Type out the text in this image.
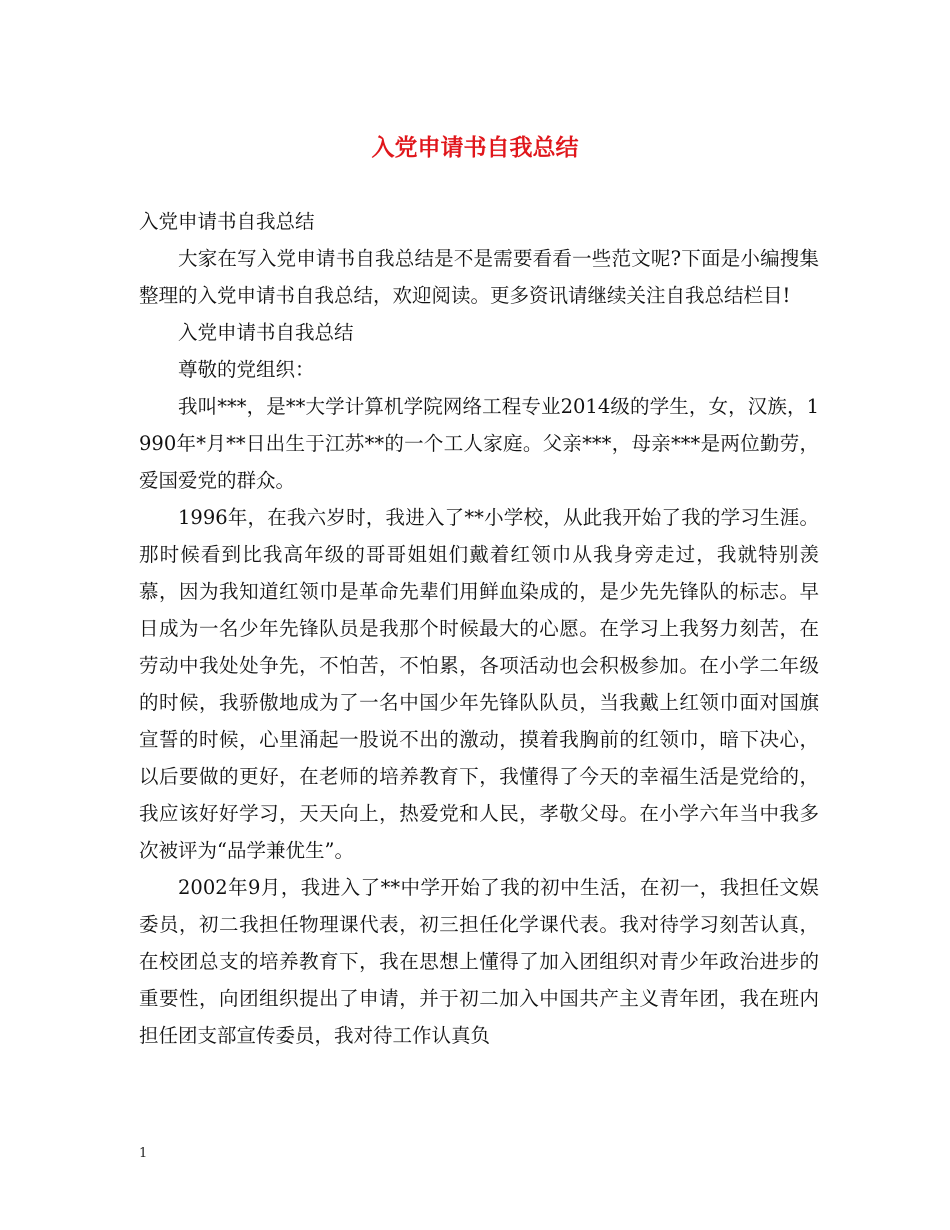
入党申请书自我总结

入党申请书自我总结

大家在写入党申请书自我总结是不是需要看看一些范文呢?下面是小编搜集整理的入党申请书自我总结，欢迎阅读。更多资讯请继续关注自我总结栏目!

入党申请书自我总结

尊敬的党组织：

我叫***，是**大学计算机学院网络工程专业2014级的学生，女，汉族，1990年*月**日出生于江苏**的一个工人家庭。父亲***，母亲***是两位勤劳，爱国爱党的群众。

1996年，在我六岁时，我进入了**小学校，从此我开始了我的学习生涯。那时候看到比我高年级的哥哥姐姐们戴着红领巾从我身旁走过，我就特别羡慕，因为我知道红领巾是革命先辈们用鲜血染成的，是少先先锋队的标志。早日成为一名少年先锋队员是我那个时候最大的心愿。在学习上我努力刻苦，在劳动中我处处争先，不怕苦，不怕累，各项活动也会积极参加。在小学二年级的时候，我骄傲地成为了一名中国少年先锋队队员，当我戴上红领巾面对国旗宣誓的时候，心里涌起一股说不出的激动，摸着我胸前的红领巾，暗下决心，以后要做的更好，在老师的培养教育下，我懂得了今天的幸福生活是党给的，我应该好好学习，天天向上，热爱党和人民，孝敬父母。在小学六年当中我多次被评为“品学兼优生”。

2002年9月，我进入了**中学开始了我的初中生活，在初一，我担任文娱委员，初二我担任物理课代表，初三担任化学课代表。我对待学习刻苦认真，在校团总支的培养教育下，我在思想上懂得了加入团组织对青少年政治进步的重要性，向团组织提出了申请，并于初二加入中国共产主义青年团，我在班内担任团支部宣传委员，我对待工作认真负

1
